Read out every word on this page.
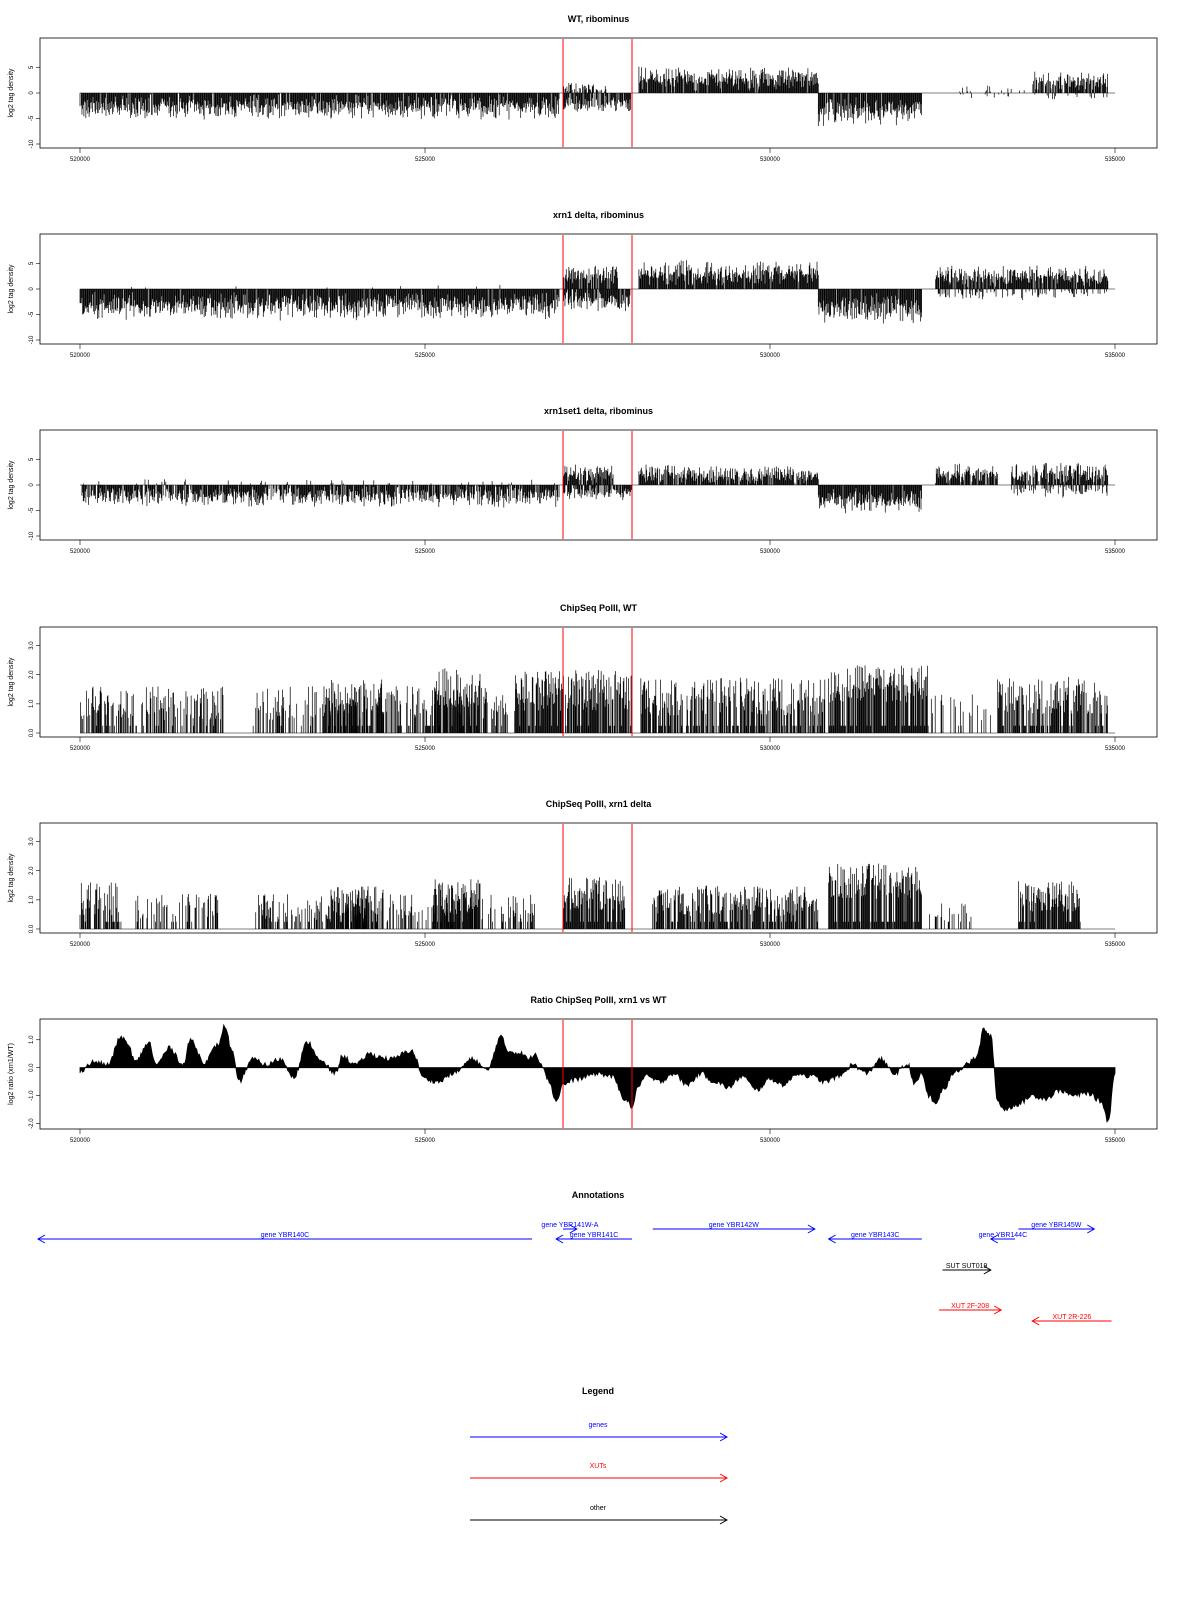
WT, ribominus
-10
-5
0
5
log2 tag density
520000	525000	530000	535000
xrn1 delta, ribominus
-10
-5
0
5
log2 tag density
520000	525000	530000	535000
xrn1set1 delta, ribominus
-10
-5
0
5
log2 tag density
520000	525000	530000	535000
ChipSeq PolII, WT
0.0
1.0
2.0
3.0
log2 tag density
520000	525000	530000	535000
ChipSeq PolII, xrn1 delta
0.0
1.0
2.0
3.0
log2 tag density
520000	525000	530000	535000
Ratio ChipSeq PolII, xrn1 vs WT
-2.0
-1.0
0.0
1.0
log2 ratio (xrn1/WT)
520000	525000	530000	535000
Annotations
gene YBR140C
gene YBR141W-A
gene YBR141C
gene YBR142W
gene YBR143C	gene YBR144C
gene YBR145W
SUT SUT019
XUT 2F-208
XUT 2R-226
Legend
genes
XUTs
other
